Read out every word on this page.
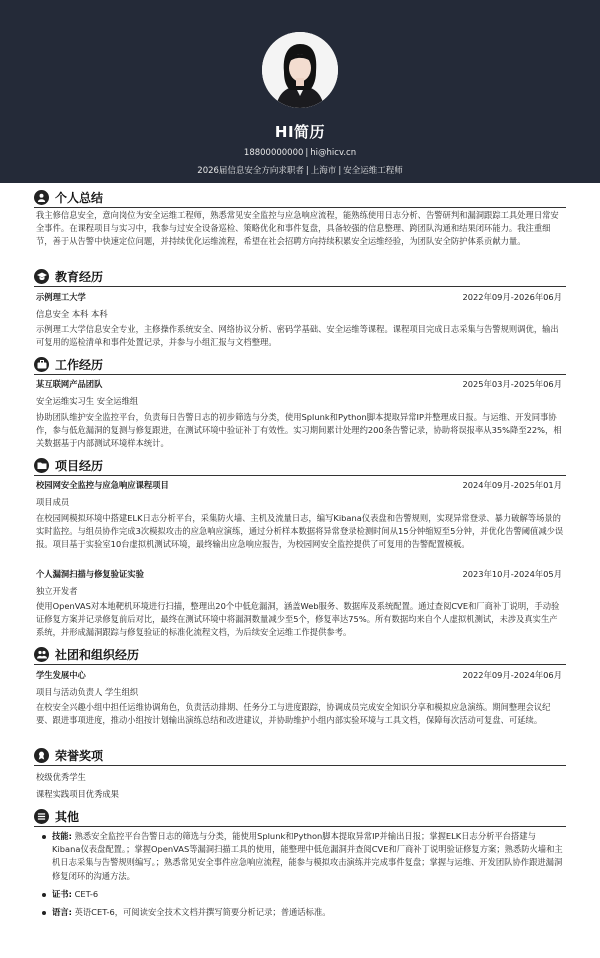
HI简历
18800000000 | hi@hicv.cn
2026届信息安全方向求职者 | 上海市 | 安全运维工程师
个人总结
我主修信息安全，意向岗位为安全运维工程师，熟悉常见安全监控与应急响应流程，能熟练使用日志分析、告警研判和漏洞跟踪工具处理日常安全事件。在课程项目与实习中，我参与过安全设备巡检、策略优化和事件复盘，具备较强的信息整理、跨团队沟通和结果闭环能力。我注重细节，善于从告警中快速定位问题，并持续优化运维流程，希望在社会招聘方向持续积累安全运维经验，为团队安全防护体系贡献力量。
教育经历
示例理工大学	2022年09月-2026年06月
信息安全 本科 本科
示例理工大学信息安全专业，主修操作系统安全、网络协议分析、密码学基础、安全运维等课程。课程项目完成日志采集与告警规则调优，输出可复用的巡检清单和事件处置记录，并参与小组汇报与文档整理。
工作经历
某互联网产品团队	2025年03月-2025年06月
安全运维实习生 安全运维组
协助团队维护安全监控平台，负责每日告警日志的初步筛选与分类，使用Splunk和Python脚本提取异常IP并整理成日报。与运维、开发同事协作，参与低危漏洞的复测与修复跟进，在测试环境中验证补丁有效性。实习期间累计处理约200条告警记录，协助将误报率从35%降至22%，相关数据基于内部测试环境样本统计。
项目经历
校园网安全监控与应急响应课程项目	2024年09月-2025年01月
项目成员
在校园网模拟环境中搭建ELK日志分析平台，采集防火墙、主机及流量日志，编写Kibana仪表盘和告警规则，实现异常登录、暴力破解等场景的实时监控。与组员协作完成3次模拟攻击的应急响应演练，通过分析样本数据将异常登录检测时间从15分钟缩短至5分钟，并优化告警阈值减少误报。项目基于实验室10台虚拟机测试环境，最终输出应急响应报告，为校园网安全监控提供了可复用的告警配置模板。
个人漏洞扫描与修复验证实验	2023年10月-2024年05月
独立开发者
使用OpenVAS对本地靶机环境进行扫描，整理出20个中低危漏洞，涵盖Web服务、数据库及系统配置。通过查阅CVE和厂商补丁说明，手动验证修复方案并记录修复前后对比，最终在测试环境中将漏洞数量减少至5个，修复率达75%。所有数据均来自个人虚拟机测试，未涉及真实生产系统，并形成漏洞跟踪与修复验证的标准化流程文档，为后续安全运维工作提供参考。
社团和组织经历
学生发展中心	2022年09月-2024年06月
项目与活动负责人 学生组织
在校安全兴趣小组中担任运维协调角色，负责活动排期、任务分工与进度跟踪，协调成员完成安全知识分享和模拟应急演练。期间整理会议纪要、跟进事项进度，推动小组按计划输出演练总结和改进建议，并协助维护小组内部实验环境与工具文档，保障每次活动可复盘、可延续。
荣誉奖项
校级优秀学生
课程实践项目优秀成果
其他
技能: 熟悉安全监控平台告警日志的筛选与分类，能使用Splunk和Python脚本提取异常IP并输出日报；掌握ELK日志分析平台搭建与Kibana仪表盘配置。；掌握OpenVAS等漏洞扫描工具的使用，能整理中低危漏洞并查阅CVE和厂商补丁说明验证修复方案；熟悉防火墙和主机日志采集与告警规则编写。；熟悉常见安全事件应急响应流程，能参与模拟攻击演练并完成事件复盘；掌握与运维、开发团队协作跟进漏洞修复闭环的沟通方法。
证书: CET-6
语言: 英语CET-6，可阅读安全技术文档并撰写简要分析记录；普通话标准。
